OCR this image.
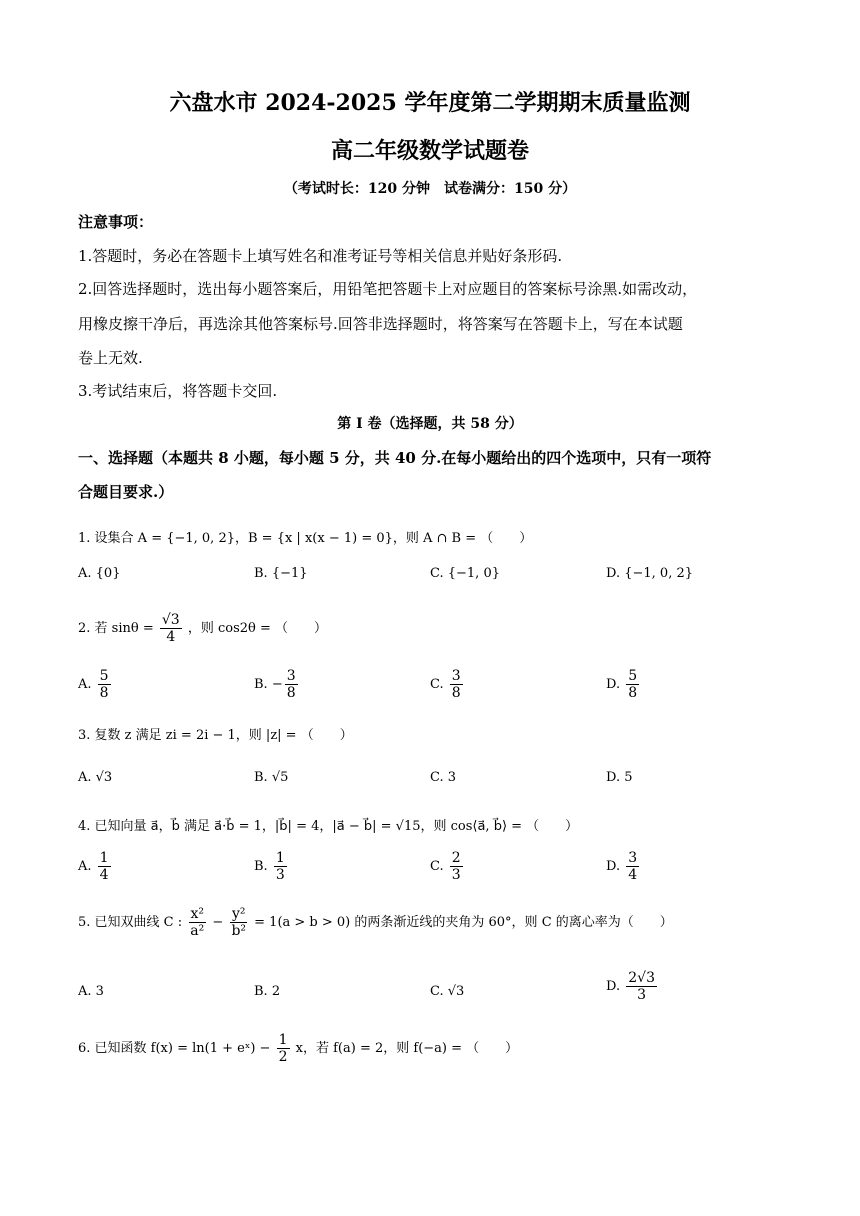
六盘水市 2024-2025 学年度第二学期期末质量监测
高二年级数学试题卷
（考试时长：120 分钟　试卷满分：150 分）
注意事项：
1.答题时，务必在答题卡上填写姓名和准考证号等相关信息并贴好条形码.
2.回答选择题时，选出每小题答案后，用铅笔把答题卡上对应题目的答案标号涂黑.如需改动，
用橡皮擦干净后，再选涂其他答案标号.回答非选择题时，将答案写在答题卡上，写在本试题
卷上无效.
3.考试结束后，将答题卡交回.
第 I 卷（选择题，共 58 分）
一、选择题（本题共 8 小题，每小题 5 分，共 40 分.在每小题给出的四个选项中，只有一项符
合题目要求.）
1. 设集合 A = {−1, 0, 2}，B = {x | x(x − 1) = 0}，则 A ∩ B = （　　）
A. {0}	B. {−1}	C. {−1, 0}	D. {−1, 0, 2}
2. 若 $\sin\theta = \frac{√3}{4}$ ，则 cos2θ = （　　）
A. $\frac{5}{8}$	B. − $\frac{3}{8}$	C. $\frac{3}{8}$	D. $\frac{5}{8}$
3. 复数 z 满足 zi = 2i − 1，则 |z| = （　　）
A. √3	B. √5	C. 3	D. 5
4. 已知向量 a⃗，b⃗ 满足 a⃗·b⃗ = 1，|b⃗| = 4，|a⃗ − b⃗| = √15，则 cos⟨a⃗, b⃗⟩ = （　　）
A. $\frac{1}{4}$	B. $\frac{1}{3}$	C. $\frac{2}{3}$	D. $\frac{3}{4}$
5. 已知双曲线 C : $\frac{\text{x²}}{\text{a²}} - \frac{\text{y²}}{\text{b²}} = 1(a > b > 0)$ 的两条渐近线的夹角为 60°，则 C 的离心率为（　　）
A. 3	B. 2	C. √3	D. $\frac{2√3}{3}$
6. 已知函数 f(x) = ln(1 + eˣ) − $\frac{1}{2}$ x，若 f(a) = 2，则 f(−a) = （　　）
